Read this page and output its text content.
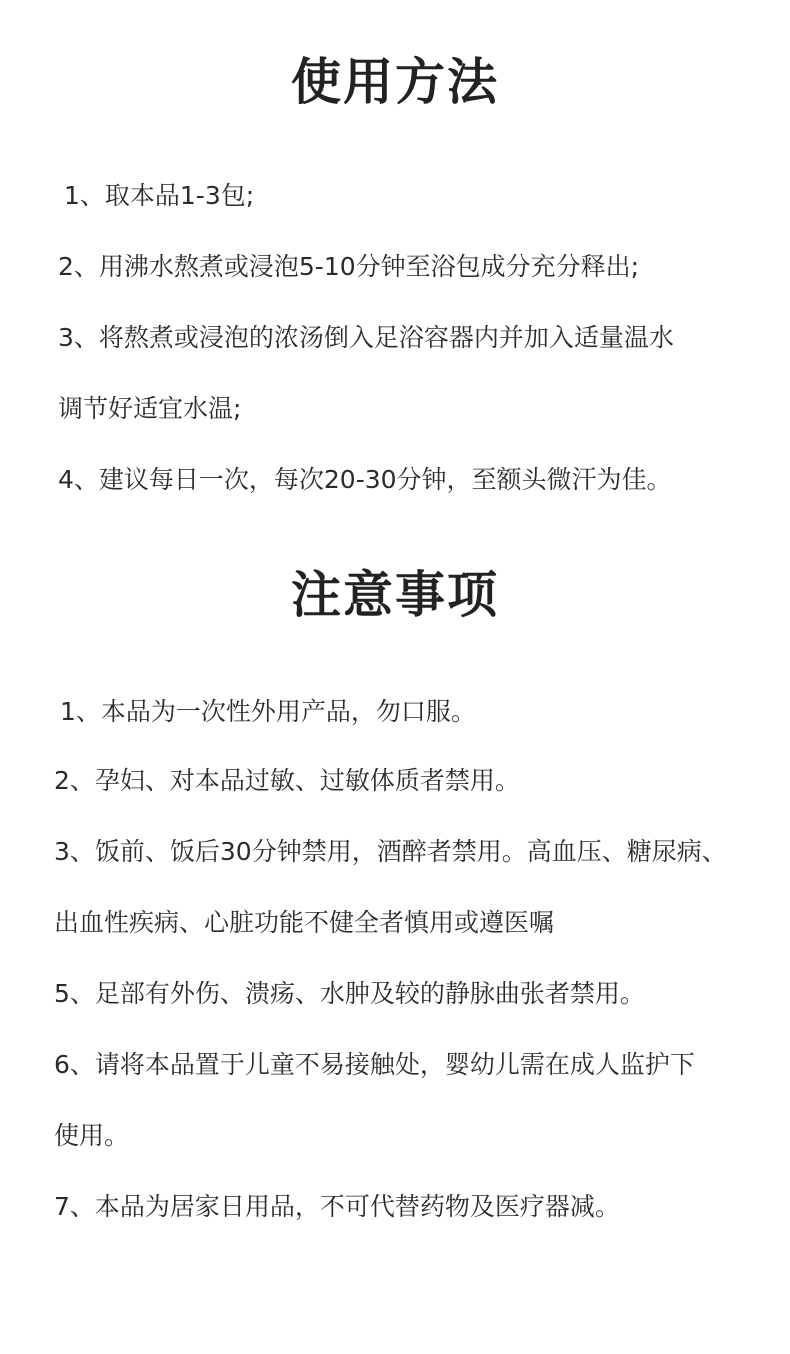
使用方法

1、取本品1-3包;

2、用沸水熬煮或浸泡5-10分钟至浴包成分充分释出;

3、将熬煮或浸泡的浓汤倒入足浴容器内并加入适量温水

调节好适宜水温;

4、建议每日一次，每次20-30分钟，至额头微汗为佳。

注意事项

1、本品为一次性外用产品，勿口服。

2、孕妇、对本品过敏、过敏体质者禁用。

3、饭前、饭后30分钟禁用，酒醉者禁用。高血压、糖尿病、

出血性疾病、心脏功能不健全者慎用或遵医嘱

5、足部有外伤、溃疡、水肿及较的静脉曲张者禁用。

6、请将本品置于儿童不易接触处，婴幼儿需在成人监护下

使用。

7、本品为居家日用品，不可代替药物及医疗器减。
